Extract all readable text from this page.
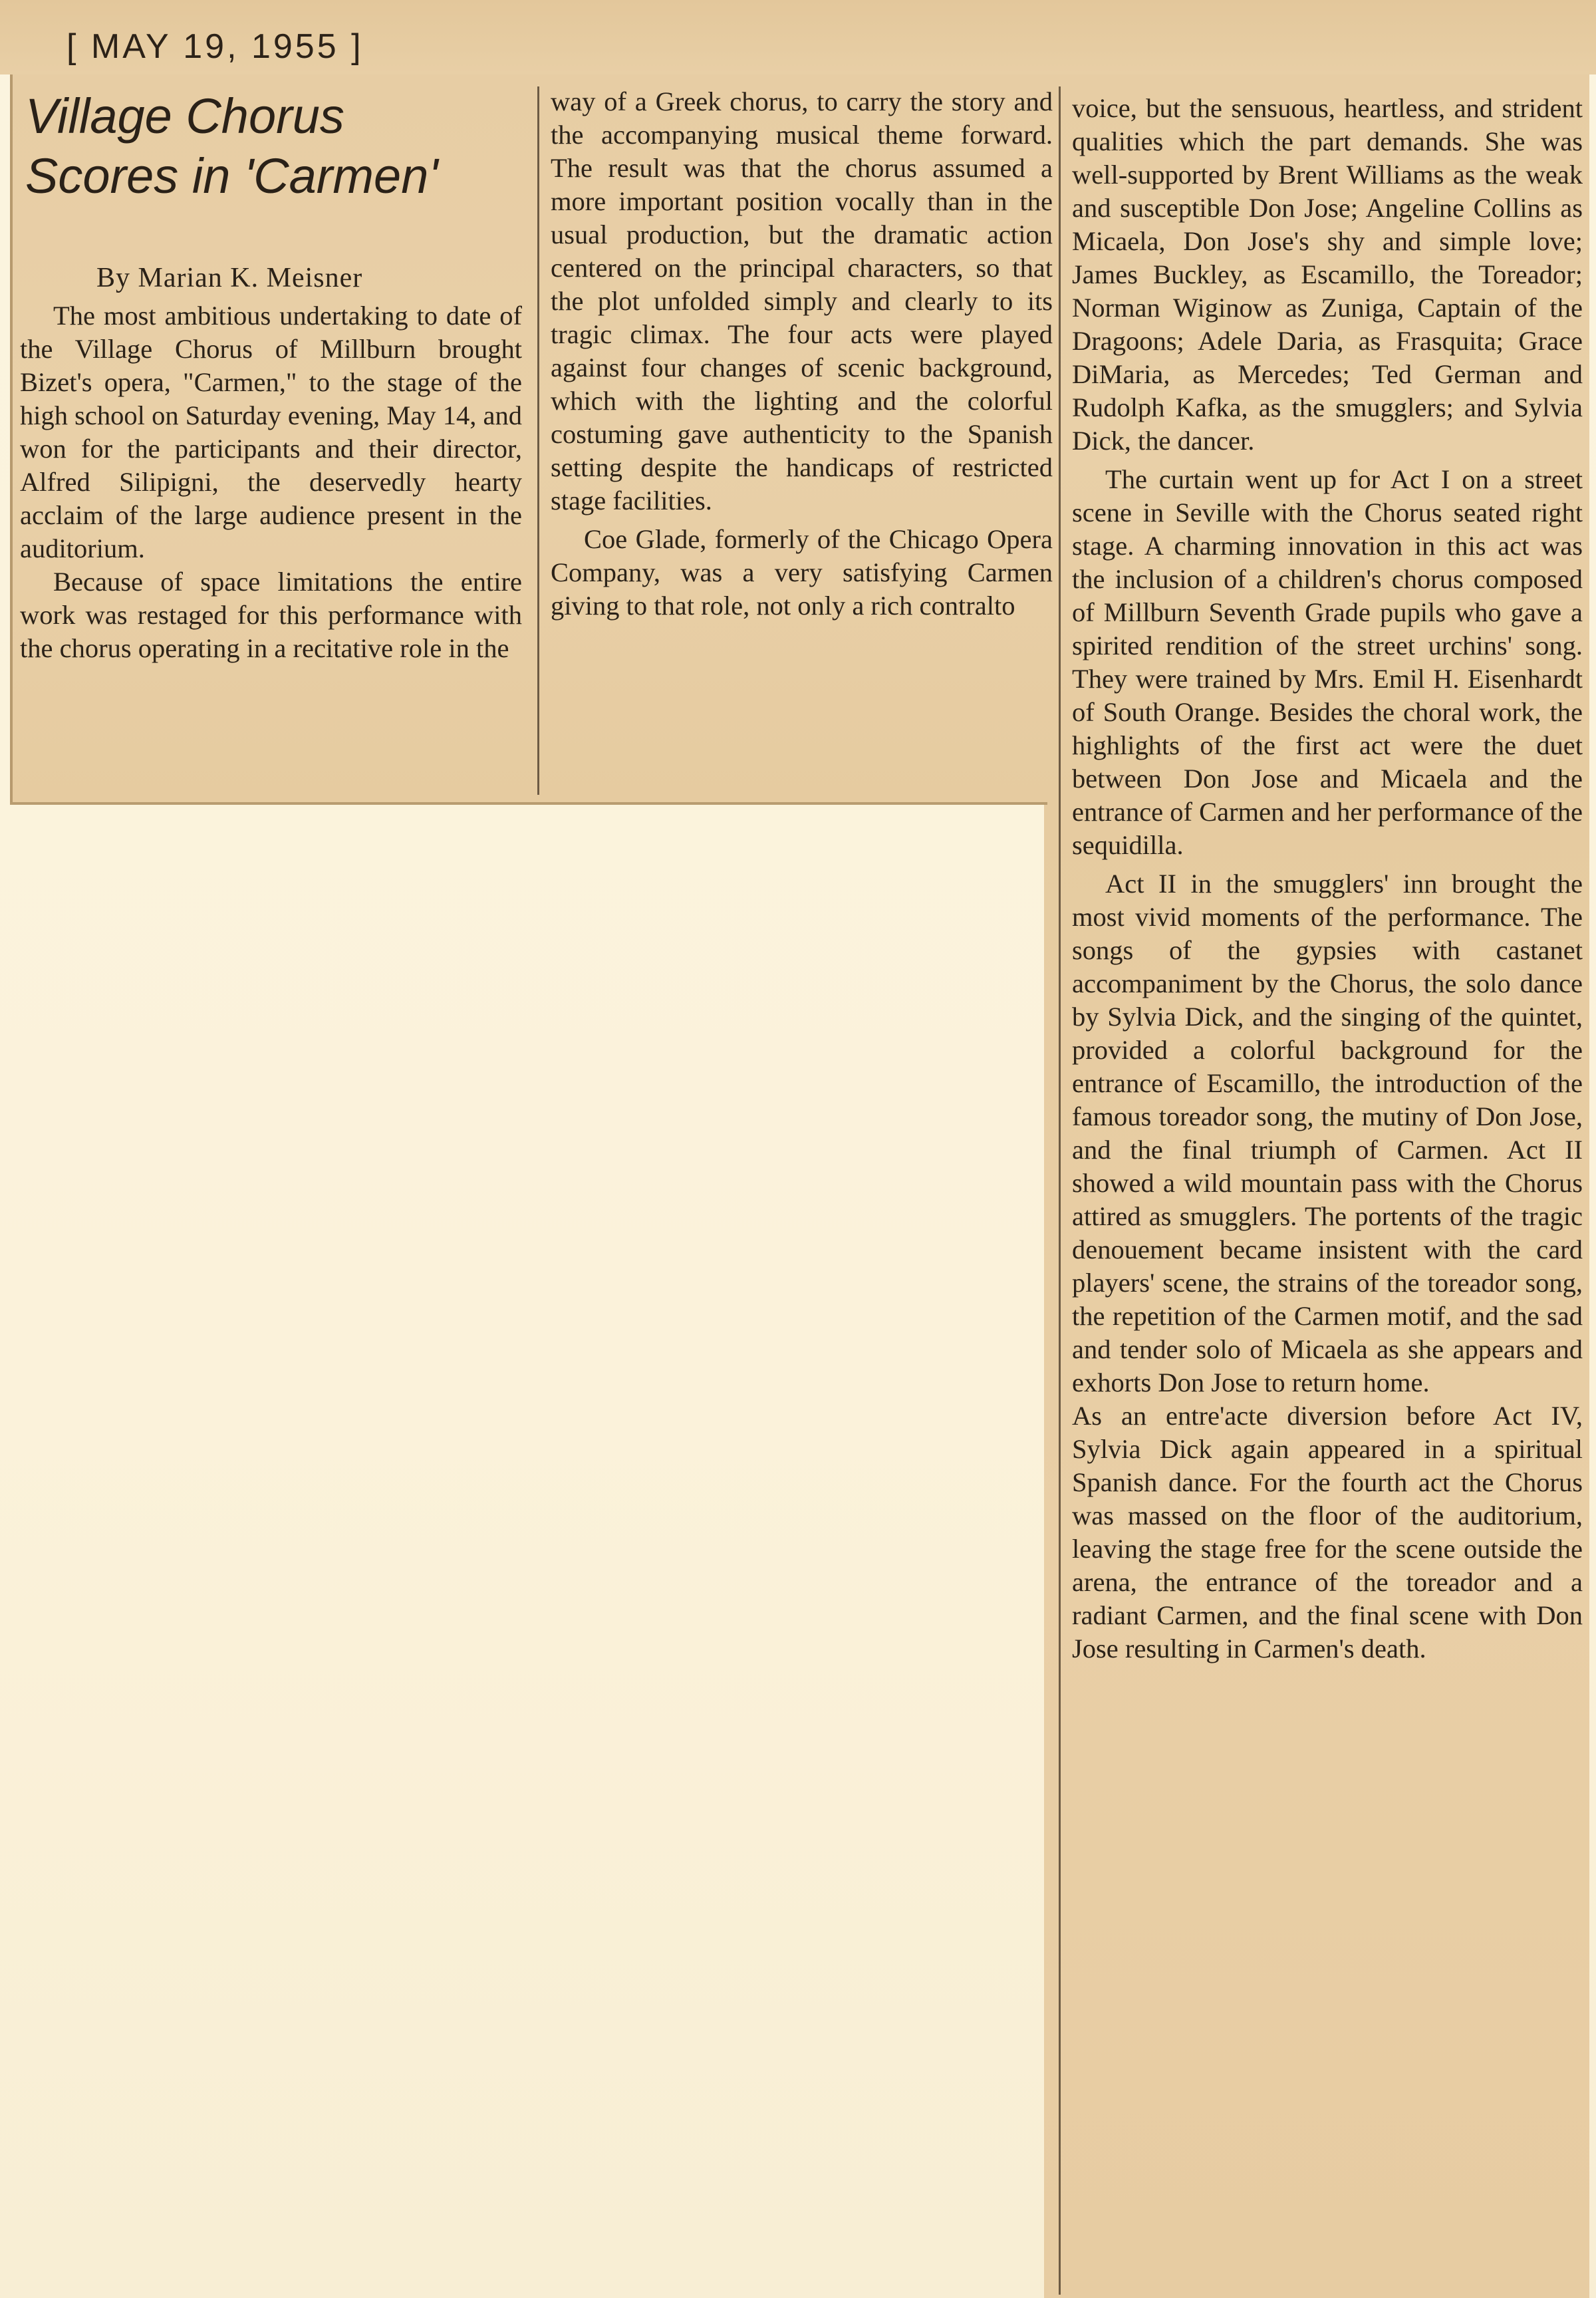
[ MAY 19, 1955 ]
Village Chorus
Scores in 'Carmen'
By Marian K. Meisner

The most ambitious undertaking to date of the Village Chorus of Millburn brought Bizet's opera, "Carmen," to the stage of the high school on Saturday evening, May 14, and won for the participants and their director, Alfred Silipigni, the deservedly hearty acclaim of the large audience present in the auditorium.

Because of space limitations the entire work was restaged for this performance with the chorus operating in a recitative role in the

way of a Greek chorus, to carry the story and the accompanying musical theme forward. The result was that the chorus assumed a more important position vocally than in the usual production, but the dramatic action centered on the principal characters, so that the plot unfolded simply and clearly to its tragic climax. The four acts were played against four changes of scenic background, which with the lighting and the colorful costuming gave authenticity to the Spanish setting despite the handicaps of restricted stage facilities.

Coe Glade, formerly of the Chicago Opera Company, was a very satisfying Carmen giving to that role, not only a rich contralto

voice, but the sensuous, heartless, and strident qualities which the part demands. She was well-supported by Brent Williams as the weak and susceptible Don Jose; Angeline Collins as Micaela, Don Jose's shy and simple love; James Buckley, as Escamillo, the Toreador; Norman Wiginow as Zuniga, Captain of the Dragoons; Adele Daria, as Frasquita; Grace DiMaria, as Mercedes; Ted German and Rudolph Kafka, as the smugglers; and Sylvia Dick, the dancer.

The curtain went up for Act I on a street scene in Seville with the Chorus seated right stage. A charming innovation in this act was the inclusion of a children's chorus composed of Millburn Seventh Grade pupils who gave a spirited rendition of the street urchins' song. They were trained by Mrs. Emil H. Eisenhardt of South Orange. Besides the choral work, the highlights of the first act were the duet between Don Jose and Micaela and the entrance of Carmen and her performance of the sequidilla.

Act II in the smugglers' inn brought the most vivid moments of the performance. The songs of the gypsies with castanet accompaniment by the Chorus, the solo dance by Sylvia Dick, and the singing of the quintet, provided a colorful background for the entrance of Escamillo, the introduction of the famous toreador song, the mutiny of Don Jose, and the final triumph of Carmen. Act II showed a wild mountain pass with the Chorus attired as smugglers. The portents of the tragic denouement became insistent with the card players' scene, the strains of the toreador song, the repetition of the Carmen motif, and the sad and tender solo of Micaela as she appears and exhorts Don Jose to return home.

As an entre'acte diversion before Act IV, Sylvia Dick again appeared in a spiritual Spanish dance. For the fourth act the Chorus was massed on the floor of the auditorium, leaving the stage free for the scene outside the arena, the entrance of the toreador and a radiant Carmen, and the final scene with Don Jose resulting in Carmen's death.
